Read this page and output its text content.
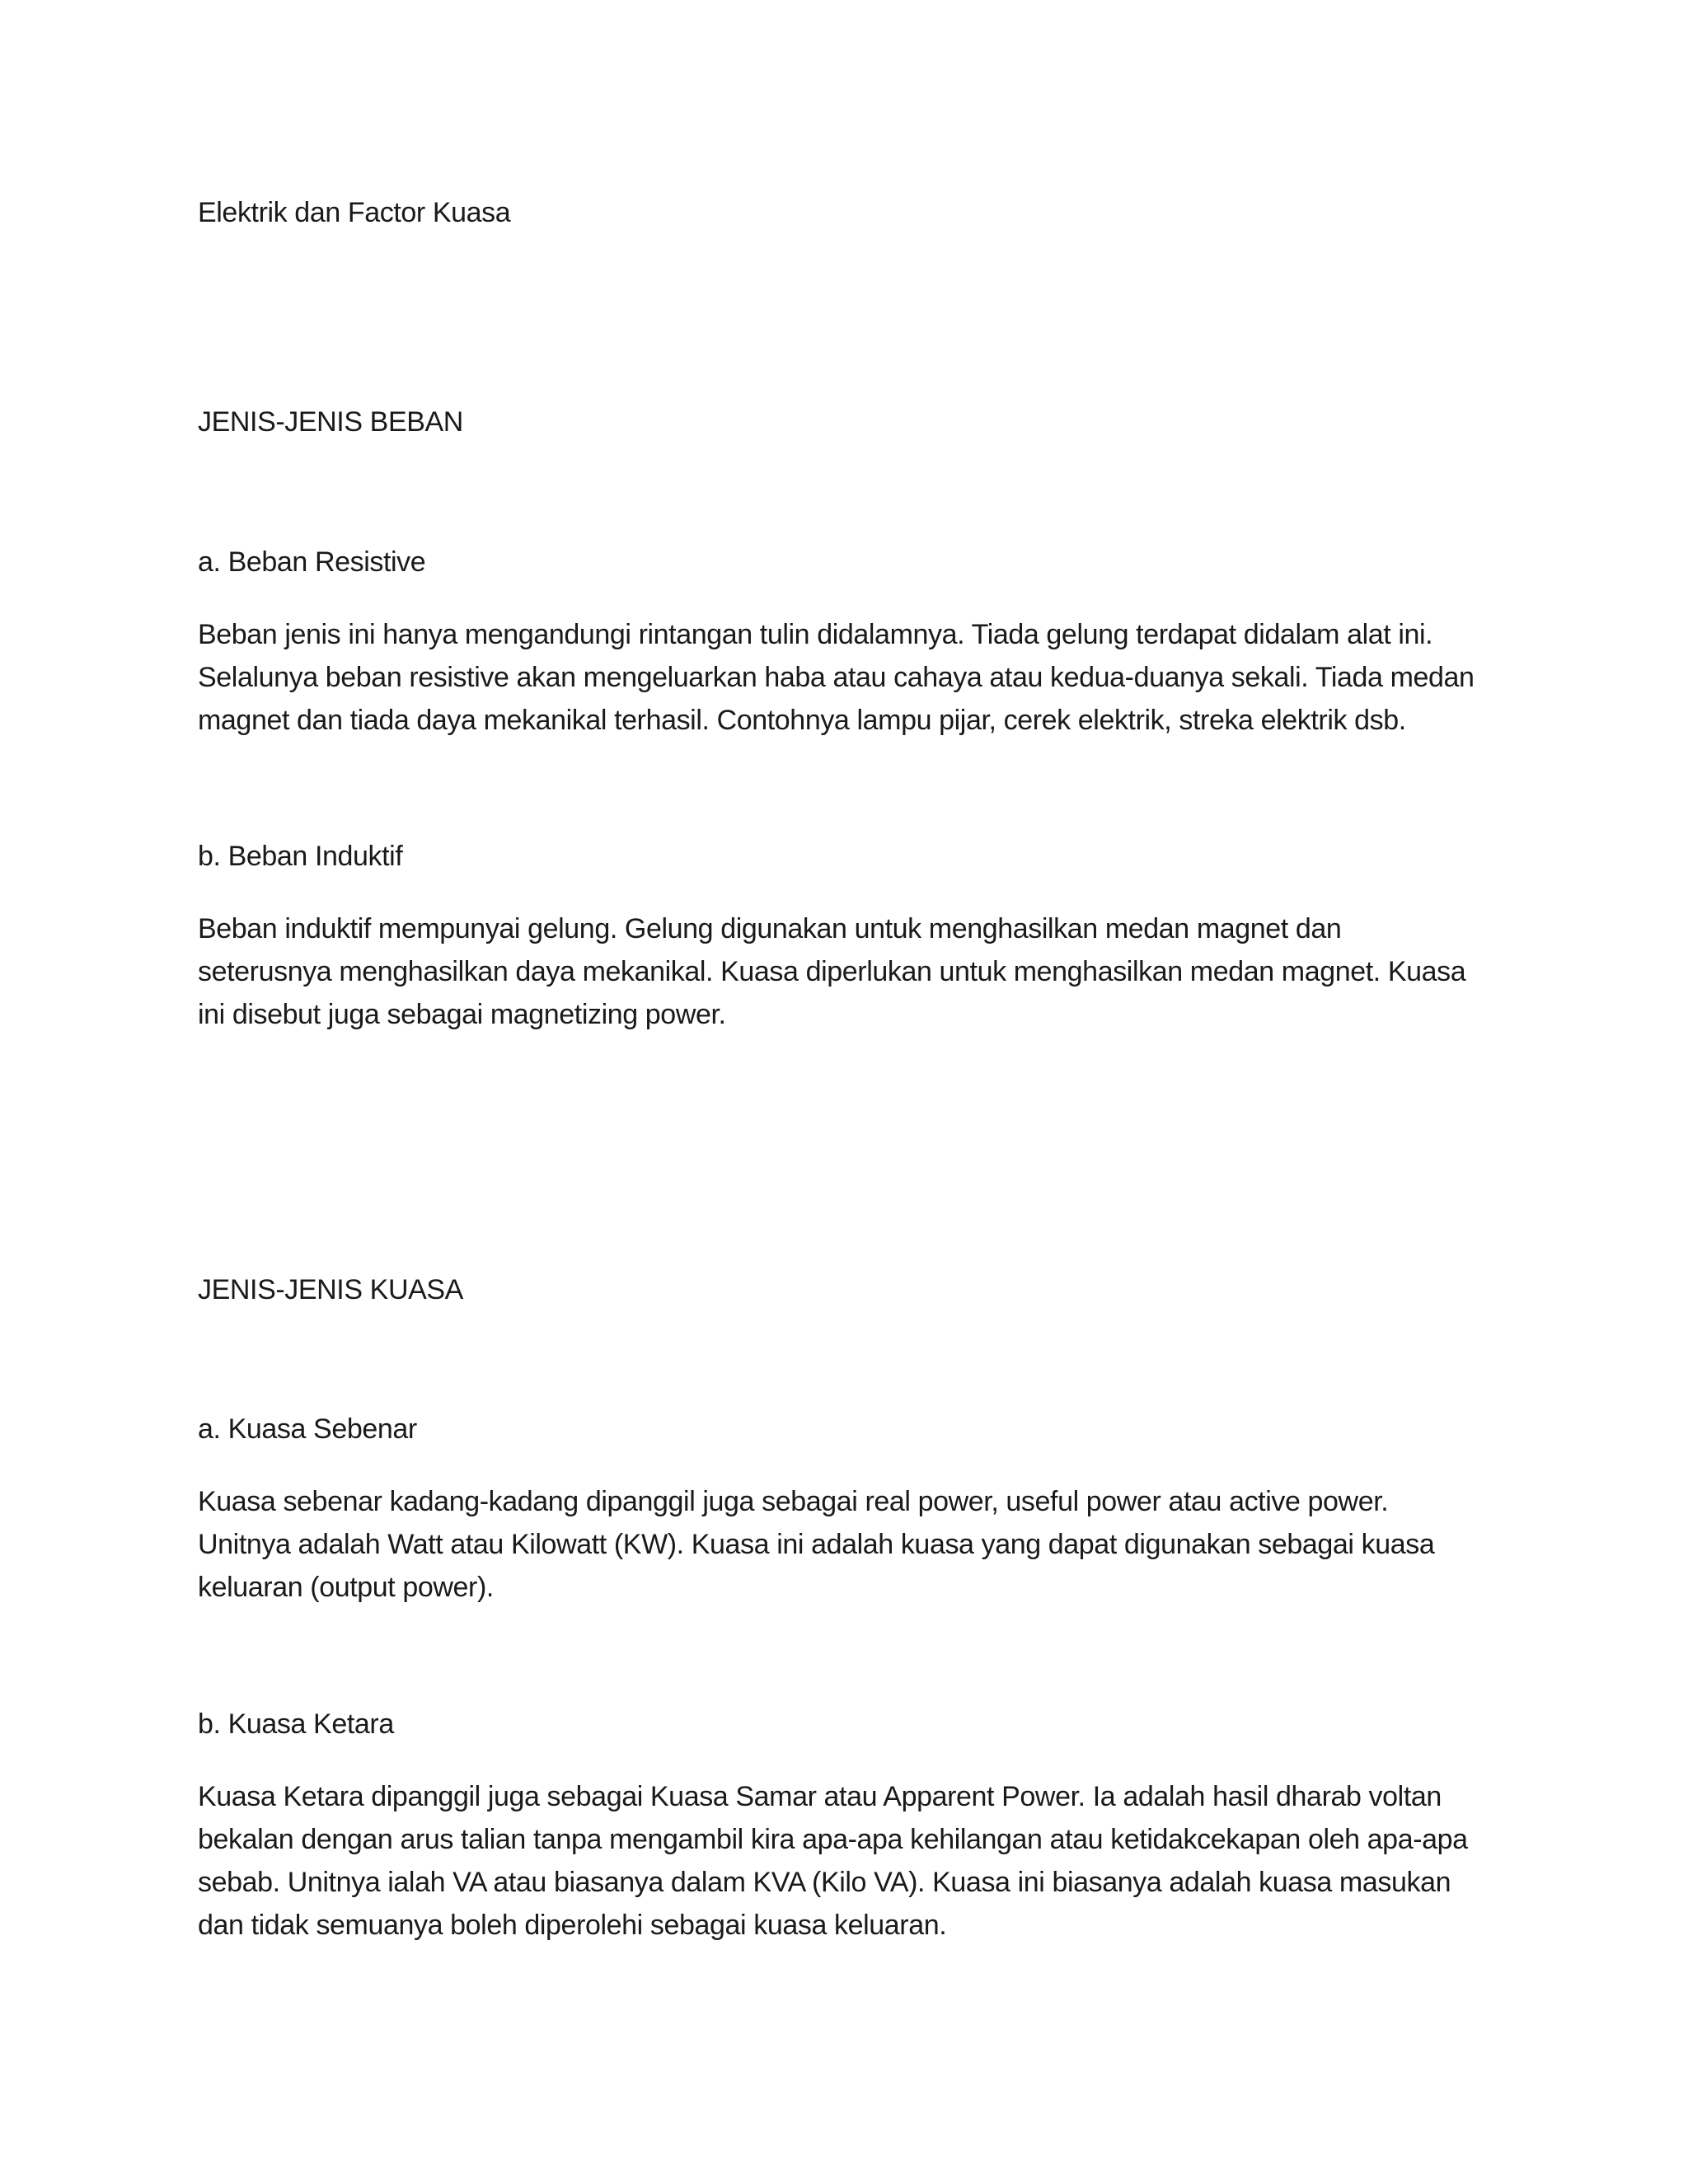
Elektrik dan Factor Kuasa
JENIS-JENIS BEBAN
a. Beban Resistive
Beban jenis ini hanya mengandungi rintangan tulin didalamnya. Tiada gelung terdapat didalam alat ini.
Selalunya beban resistive akan mengeluarkan haba atau cahaya atau kedua-duanya sekali. Tiada medan
magnet dan tiada daya mekanikal terhasil. Contohnya lampu pijar, cerek elektrik, streka elektrik dsb.
b. Beban Induktif
Beban induktif mempunyai gelung. Gelung digunakan untuk menghasilkan medan magnet dan
seterusnya menghasilkan daya mekanikal. Kuasa diperlukan untuk menghasilkan medan magnet. Kuasa
ini disebut juga sebagai magnetizing power.
JENIS-JENIS KUASA
a. Kuasa Sebenar
Kuasa sebenar kadang-kadang dipanggil juga sebagai real power, useful power atau active power.
Unitnya adalah Watt atau Kilowatt (KW). Kuasa ini adalah kuasa yang dapat digunakan sebagai kuasa
keluaran (output power).
b. Kuasa Ketara
Kuasa Ketara dipanggil juga sebagai Kuasa Samar atau Apparent Power. Ia adalah hasil dharab voltan
bekalan dengan arus talian tanpa mengambil kira apa-apa kehilangan atau ketidakcekapan oleh apa-apa
sebab. Unitnya ialah VA atau biasanya dalam KVA (Kilo VA). Kuasa ini biasanya adalah kuasa masukan
dan tidak semuanya boleh diperolehi sebagai kuasa keluaran.
